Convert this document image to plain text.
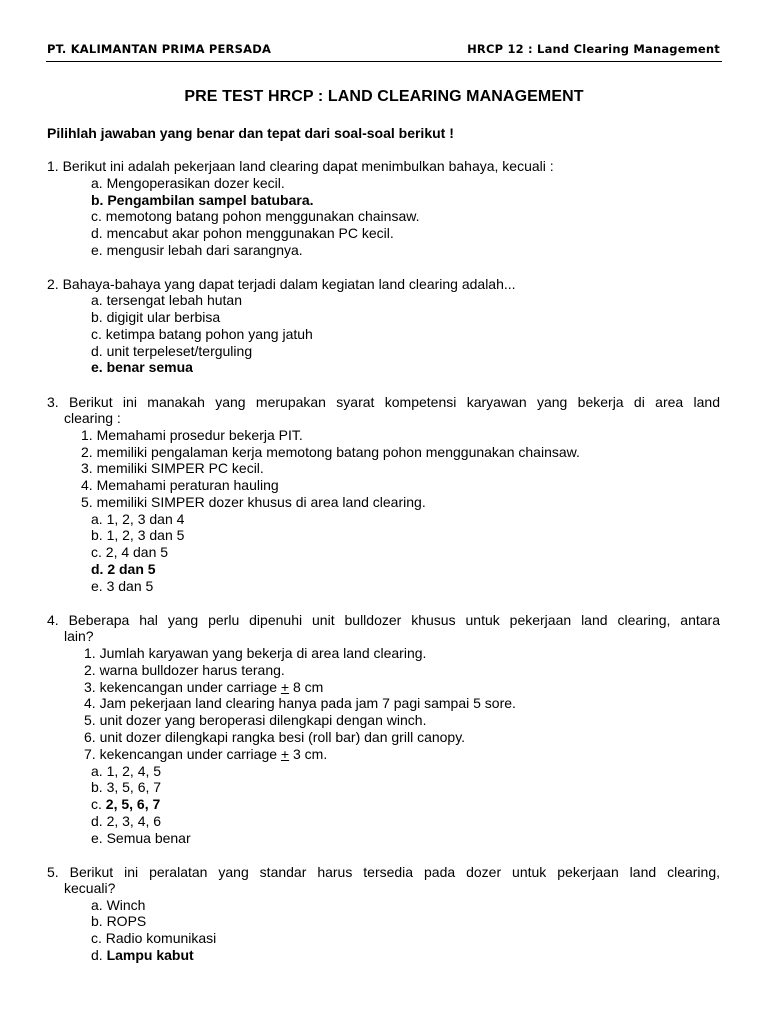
PT. KALIMANTAN PRIMA PERSADA	HRCP 12 : Land Clearing Management
PRE TEST HRCP : LAND CLEARING MANAGEMENT
Pilihlah jawaban yang benar dan tepat dari soal-soal berikut !
1. Berikut ini adalah pekerjaan land clearing dapat menimbulkan bahaya, kecuali :
a. Mengoperasikan dozer kecil.
b. Pengambilan sampel batubara.
c. memotong batang pohon menggunakan chainsaw.
d. mencabut akar pohon menggunakan PC kecil.
e. mengusir lebah dari sarangnya.
2. Bahaya-bahaya yang dapat terjadi dalam kegiatan land clearing adalah...
a. tersengat lebah hutan
b. digigit ular berbisa
c. ketimpa batang pohon yang jatuh
d. unit terpeleset/terguling
e. benar semua
3. Berikut ini manakah yang merupakan syarat kompetensi karyawan yang bekerja di area land
clearing :
1. Memahami prosedur bekerja PIT.
2. memiliki pengalaman kerja memotong batang pohon menggunakan chainsaw.
3. memiliki SIMPER PC kecil.
4. Memahami peraturan hauling
5. memiliki SIMPER dozer khusus di area land clearing.
a. 1, 2, 3 dan 4
b. 1, 2, 3 dan 5
c. 2, 4 dan 5
d. 2 dan 5
e. 3 dan 5
4. Beberapa hal yang perlu dipenuhi unit bulldozer khusus untuk pekerjaan land clearing, antara
lain?
1. Jumlah karyawan yang bekerja di area land clearing.
2. warna bulldozer harus terang.
3. kekencangan under carriage + 8 cm
4. Jam pekerjaan land clearing hanya pada jam 7 pagi sampai 5 sore.
5. unit dozer yang beroperasi dilengkapi dengan winch.
6. unit dozer dilengkapi rangka besi (roll bar) dan grill canopy.
7. kekencangan under carriage + 3 cm.
a. 1, 2, 4, 5
b. 3, 5, 6, 7
c. 2, 5, 6, 7
d. 2, 3, 4, 6
e. Semua benar
5. Berikut ini peralatan yang standar harus tersedia pada dozer untuk pekerjaan land clearing,
kecuali?
a. Winch
b. ROPS
c. Radio komunikasi
d. Lampu kabut
